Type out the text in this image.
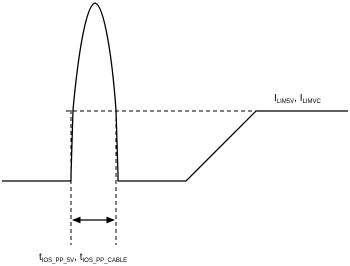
$I_{LIM5V}$, $I_{LIMVC}$
$t_{IOS\_PP\_5V}$, $t_{IOS\_PP\_CABLE}$
